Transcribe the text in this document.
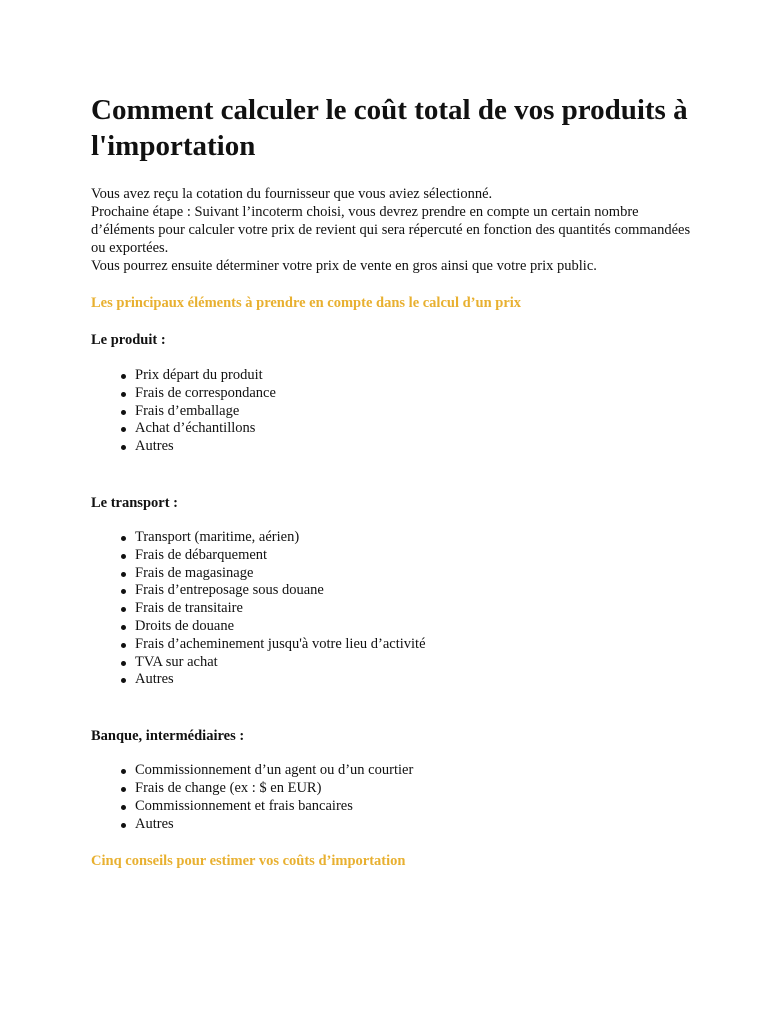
Comment calculer le coût total de vos produits à l'importation

Vous avez reçu la cotation du fournisseur que vous aviez sélectionné.

Prochaine étape : Suivant l’incoterm choisi, vous devrez prendre en compte un certain nombre d’éléments pour calculer votre prix de revient qui sera répercuté en fonction des quantités commandées ou exportées.

Vous pourrez ensuite déterminer votre prix de vente en gros ainsi que votre prix public.

Les principaux éléments à prendre en compte dans le calcul d’un prix

Le produit :

Prix départ du produit
Frais de correspondance
Frais d’emballage
Achat d’échantillons
Autres

Le transport :

Transport (maritime, aérien)
Frais de débarquement
Frais de magasinage
Frais d’entreposage sous douane
Frais de transitaire
Droits de douane
Frais d’acheminement jusqu'à votre lieu d’activité
TVA sur achat
Autres

Banque, intermédiaires :

Commissionnement d’un agent ou d’un courtier
Frais de change (ex : $ en EUR)
Commissionnement et frais bancaires
Autres
Cinq conseils pour estimer vos coûts d’importation
